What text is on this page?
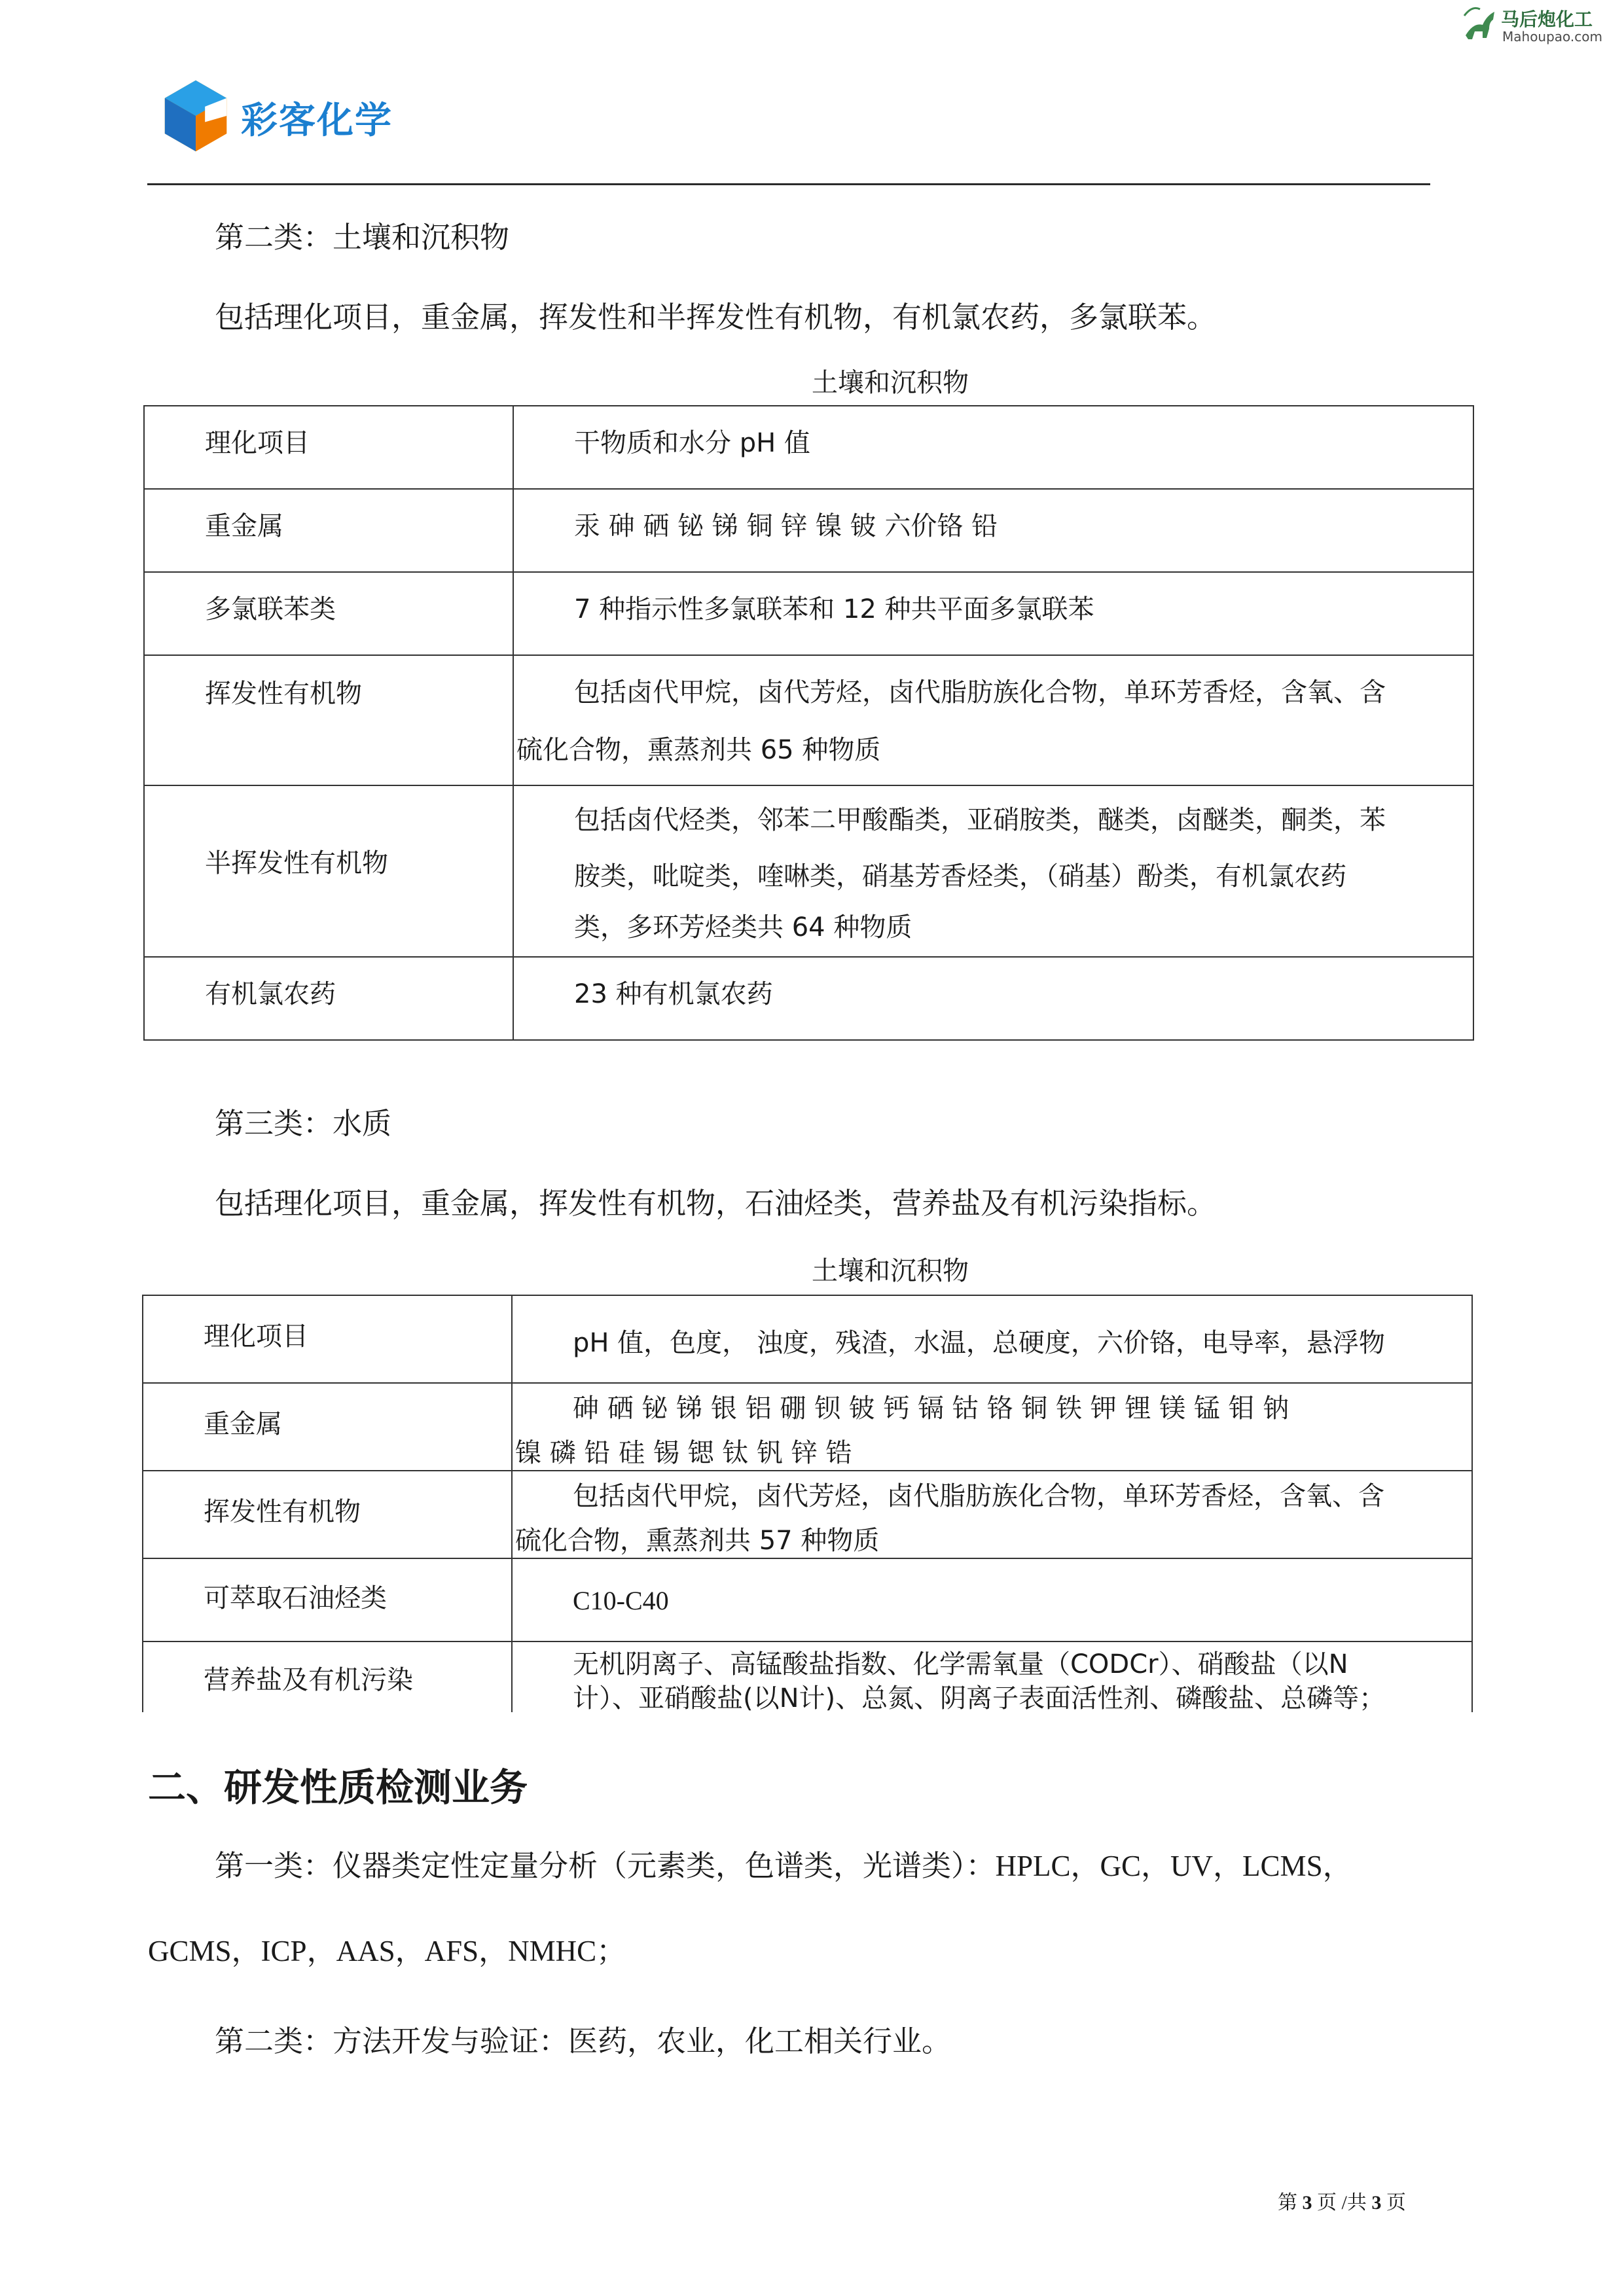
彩客化学
马后炮化工
Mahoupao.com
第二类：土壤和沉积物
包括理化项目，重金属，挥发性和半挥发性有机物，有机氯农药，多氯联苯。
土壤和沉积物
理化项目	干物质和水分 pH 值

重金属	汞 砷 硒 铋 锑 铜 锌 镍 铍 六价铬 铅

多氯联苯类	7 种指示性多氯联苯和 12 种共平面多氯联苯

挥发性有机物	包括卤代甲烷，卤代芳烃，卤代脂肪族化合物，单环芳香烃，含氧、含
硫化合物，熏蒸剂共 65 种物质

半挥发性有机物	包括卤代烃类，邻苯二甲酸酯类，亚硝胺类，醚类，卤醚类，酮类，苯
胺类，吡啶类，喹啉类，硝基芳香烃类，（硝基）酚类，有机氯农药
类，多环芳烃类共 64 种物质

有机氯农药	23 种有机氯农药
第三类：水质
包括理化项目，重金属，挥发性有机物，石油烃类，营养盐及有机污染指标。
土壤和沉积物
理化项目	pH 值，色度， 浊度，残渣，水温，总硬度，六价铬，电导率，悬浮物

重金属	砷 硒 铋 锑 银 铝 硼 钡 铍 钙 镉 钴 铬 铜 铁 钾 锂 镁 锰 钼 钠
镍 磷 铅 硅 锡 锶 钛 钒 锌 锆

挥发性有机物	包括卤代甲烷，卤代芳烃，卤代脂肪族化合物，单环芳香烃，含氧、含
硫化合物，熏蒸剂共 57 种物质

可萃取石油烃类	C10-C40

营养盐及有机污染	无机阴离子、高锰酸盐指数、化学需氧量（CODCr）、硝酸盐（以N
计）、亚硝酸盐(以N计)、总氮、阴离子表面活性剂、磷酸盐、总磷等；
二、研发性质检测业务
第一类：仪器类定性定量分析（元素类，色谱类，光谱类）：HPLC，GC，UV，LCMS，
GCMS，ICP，AAS，AFS，NMHC；
第二类：方法开发与验证：医药，农业，化工相关行业。
第 3 页 /共 3 页
